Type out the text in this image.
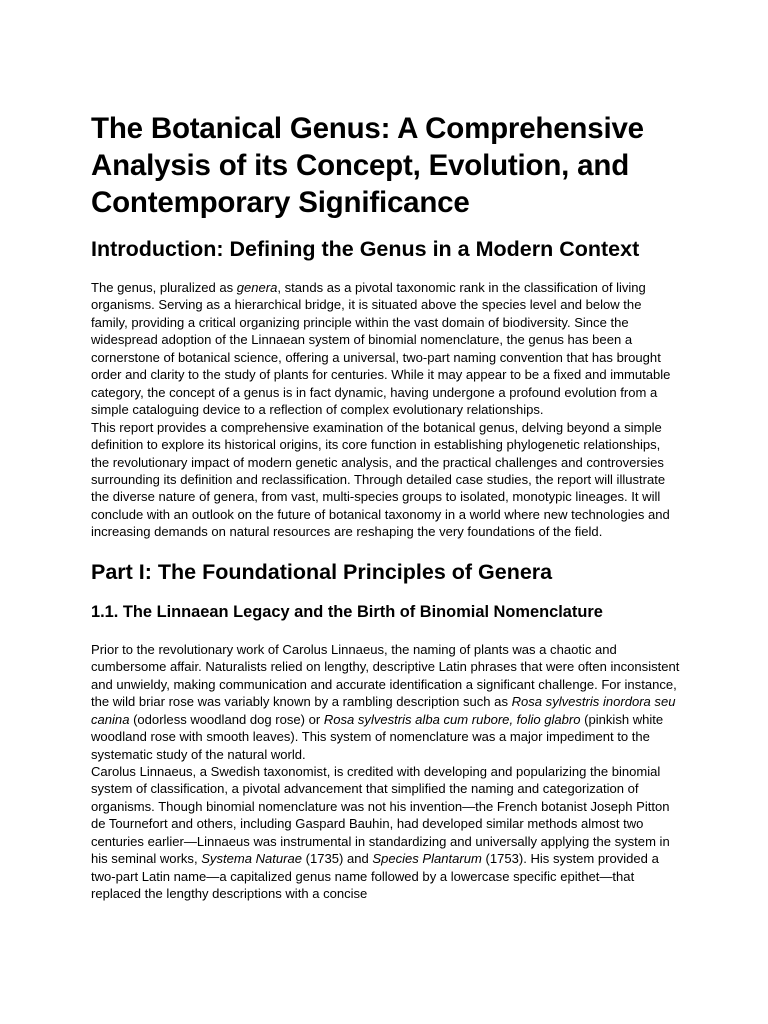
The Botanical Genus: A Comprehensive Analysis of its Concept, Evolution, and Contemporary Significance
Introduction: Defining the Genus in a Modern Context

The genus, pluralized as genera, stands as a pivotal taxonomic rank in the classification of living organisms. Serving as a hierarchical bridge, it is situated above the species level and below the family, providing a critical organizing principle within the vast domain of biodiversity. Since the widespread adoption of the Linnaean system of binomial nomenclature, the genus has been a cornerstone of botanical science, offering a universal, two-part naming convention that has brought order and clarity to the study of plants for centuries. While it may appear to be a fixed and immutable category, the concept of a genus is in fact dynamic, having undergone a profound evolution from a simple cataloguing device to a reflection of complex evolutionary relationships.

This report provides a comprehensive examination of the botanical genus, delving beyond a simple definition to explore its historical origins, its core function in establishing phylogenetic relationships, the revolutionary impact of modern genetic analysis, and the practical challenges and controversies surrounding its definition and reclassification. Through detailed case studies, the report will illustrate the diverse nature of genera, from vast, multi-species groups to isolated, monotypic lineages. It will conclude with an outlook on the future of botanical taxonomy in a world where new technologies and increasing demands on natural resources are reshaping the very foundations of the field.

Part I: The Foundational Principles of Genera
1.1. The Linnaean Legacy and the Birth of Binomial Nomenclature

Prior to the revolutionary work of Carolus Linnaeus, the naming of plants was a chaotic and cumbersome affair. Naturalists relied on lengthy, descriptive Latin phrases that were often inconsistent and unwieldy, making communication and accurate identification a significant challenge. For instance, the wild briar rose was variably known by a rambling description such as Rosa sylvestris inordora seu canina (odorless woodland dog rose) or Rosa sylvestris alba cum rubore, folio glabro (pinkish white woodland rose with smooth leaves). This system of nomenclature was a major impediment to the systematic study of the natural world.

Carolus Linnaeus, a Swedish taxonomist, is credited with developing and popularizing the binomial system of classification, a pivotal advancement that simplified the naming and categorization of organisms. Though binomial nomenclature was not his invention—the French botanist Joseph Pitton de Tournefort and others, including Gaspard Bauhin, had developed similar methods almost two centuries earlier—Linnaeus was instrumental in standardizing and universally applying the system in his seminal works, Systema Naturae (1735) and Species Plantarum (1753). His system provided a two-part Latin name—a capitalized genus name followed by a lowercase specific epithet—that replaced the lengthy descriptions with a concise
